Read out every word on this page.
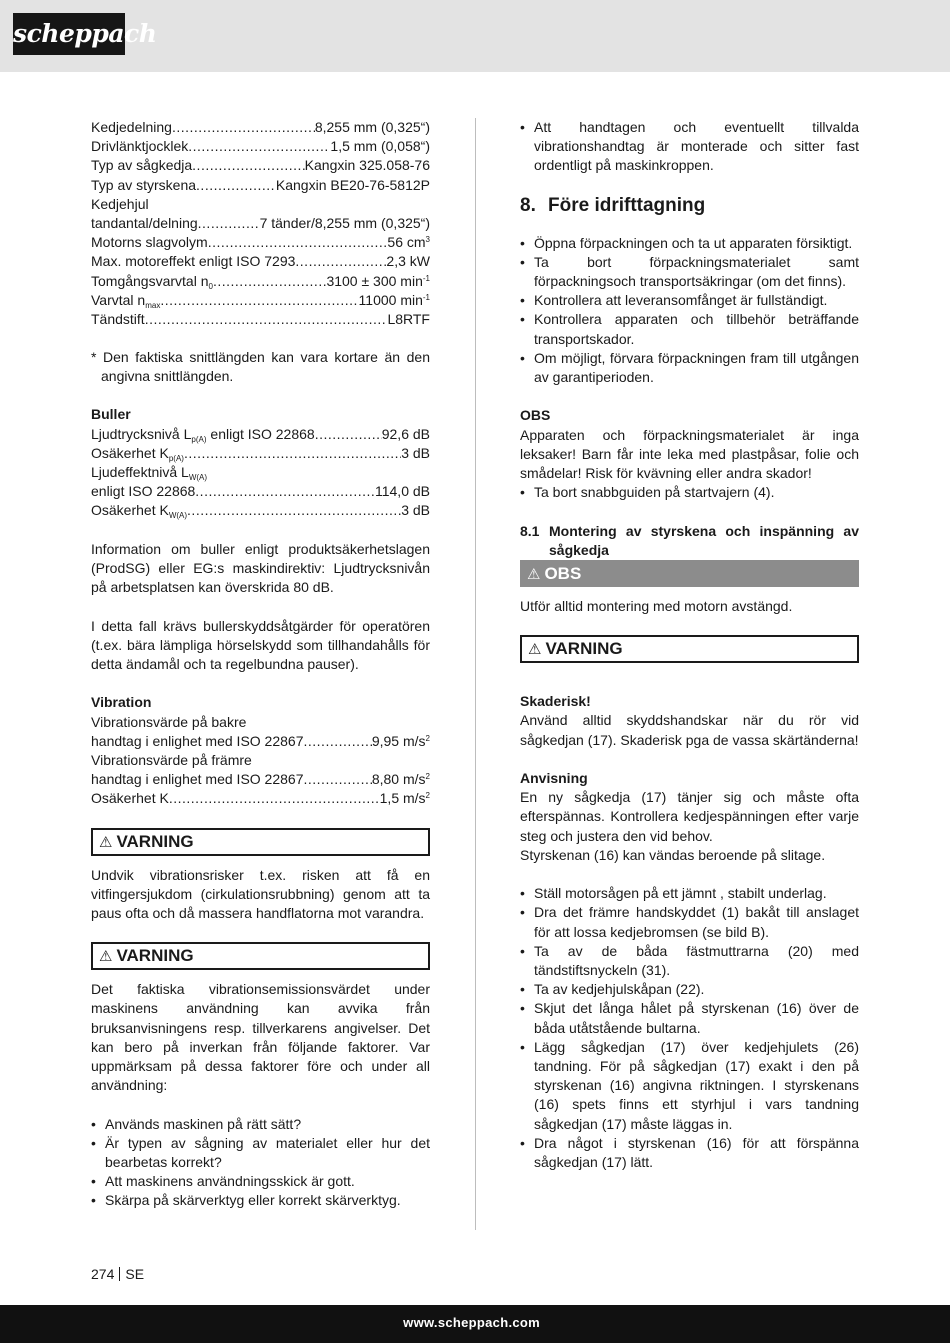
scheppach
Kedjedelning .....	8,255 mm (0,325“)
Drivlänktjocklek .....	1,5 mm (0,058“)
Typ av sågkedja .....	Kangxin 325.058-76
Typ av styrskena .....	Kangxin BE20-76-5812P
Kedjehjul
tandantal/delning .....	7 tänder/8,255 mm (0,325“)
Motorns slagvolym .....	56 $cm^3$
Max. motoreffekt enligt ISO 7293 .....	2,3 kW
Tomgångsvarvtal $n_0$ .....	3100 ± 300 $\min^{-1}$
Varvtal $n_{max}$ .....	11000 $\min^{-1}$
Tändstift .....	L8RTF

* Den faktiska snittlängden kan vara kortare än den angivna snittlängden.

Buller
Ljudtrycksnivå $L_{p(A)}$ enligt ISO 22868 .....	92,6 dB
Osäkerhet $K_{p(A)}$ .....	3 dB
Ljudeffektnivå $L_{W(A)}$
enligt ISO 22868 .....	114,0 dB
Osäkerhet $K_{W(A)}$ .....	3 dB

Information om buller enligt produktsäkerhetslagen (ProdSG) eller EG:s maskindirektiv: Ljudtrycksnivån på arbetsplatsen kan överskrida 80 dB.

I detta fall krävs bullerskyddsåtgärder för operatören (t.ex. bära lämpliga hörselskydd som tillhandahålls för detta ändamål och ta regelbundna pauser).

Vibration
Vibrationsvärde på bakre
handtag i enlighet med ISO 22867 .....	9,95 $m/s^2$
Vibrationsvärde på främre
handtag i enlighet med ISO 22867 .....	8,80 $m/s^2$
Osäkerhet K .....	1,5 $m/s^2$
⚠ VARNING

Undvik vibrationsrisker t.ex. risken att få en vitfingersjukdom (cirkulationsrubbning) genom att ta paus ofta och då massera handflatorna mot varandra.

⚠ VARNING

Det faktiska vibrationsemissionsvärdet under maskinens användning kan avvika från bruksanvisningens resp. tillverkarens angivelser. Det kan bero på inverkan från följande faktorer. Var uppmärksam på dessa faktorer före och under all användning:

• Används maskinen på rätt sätt?
• Är typen av sågning av materialet eller hur det bearbetas korrekt?
• Att maskinens användningsskick är gott.
• Skärpa på skärverktyg eller korrekt skärverktyg.
• Att handtagen och eventuellt tillvalda vibrationshandtag är monterade och sitter fast ordentligt på maskinkroppen.
8. Före idrifttagning
• Öppna förpackningen och ta ut apparaten försiktigt.
• Ta bort förpackningsmaterialet samt förpackningsoch transportsäkringar (om det finns).
• Kontrollera att leveransomfånget är fullständigt.
• Kontrollera apparaten och tillbehör beträffande transportskador.
• Om möjligt, förvara förpackningen fram till utgången av garantiperioden.
OBS

Apparaten och förpackningsmaterialet är inga leksaker! Barn får inte leka med plastpåsar, folie och smådelar! Risk för kvävning eller andra skador!

• Ta bort snabbguiden på startvajern (4).
8.1 Montering av styrskena och inspänning av sågkedja
⚠ OBS

Utför alltid montering med motorn avstängd.

⚠ VARNING
Skaderisk!

Använd alltid skyddshandskar när du rör vid sågkedjan (17). Skaderisk pga de vassa skärtänderna!

Anvisning

En ny sågkedja (17) tänjer sig och måste ofta efterspännas. Kontrollera kedjespänningen efter varje steg och justera den vid behov.

Styrskenan (16) kan vändas beroende på slitage.

• Ställ motorsågen på ett jämnt , stabilt underlag.
• Dra det främre handskyddet (1) bakåt till anslaget för att lossa kedjebromsen (se bild B).
• Ta av de båda fästmuttrarna (20) med tändstiftsnyckeln (31).
• Ta av kedjehjulskåpan (22).
• Skjut det långa hålet på styrskenan (16) över de båda utåtstående bultarna.
• Lägg sågkedjan (17) över kedjehjulets (26) tandning. För på sågkedjan (17) exakt i den på styrskenan (16) angivna riktningen. I styrskenans (16) spets finns ett styrhjul i vars tandning sågkedjan (17) måste läggas in.
• Dra något i styrskenan (16) för att förspänna sågkedjan (17) lätt.
274 SE
www.scheppach.com
